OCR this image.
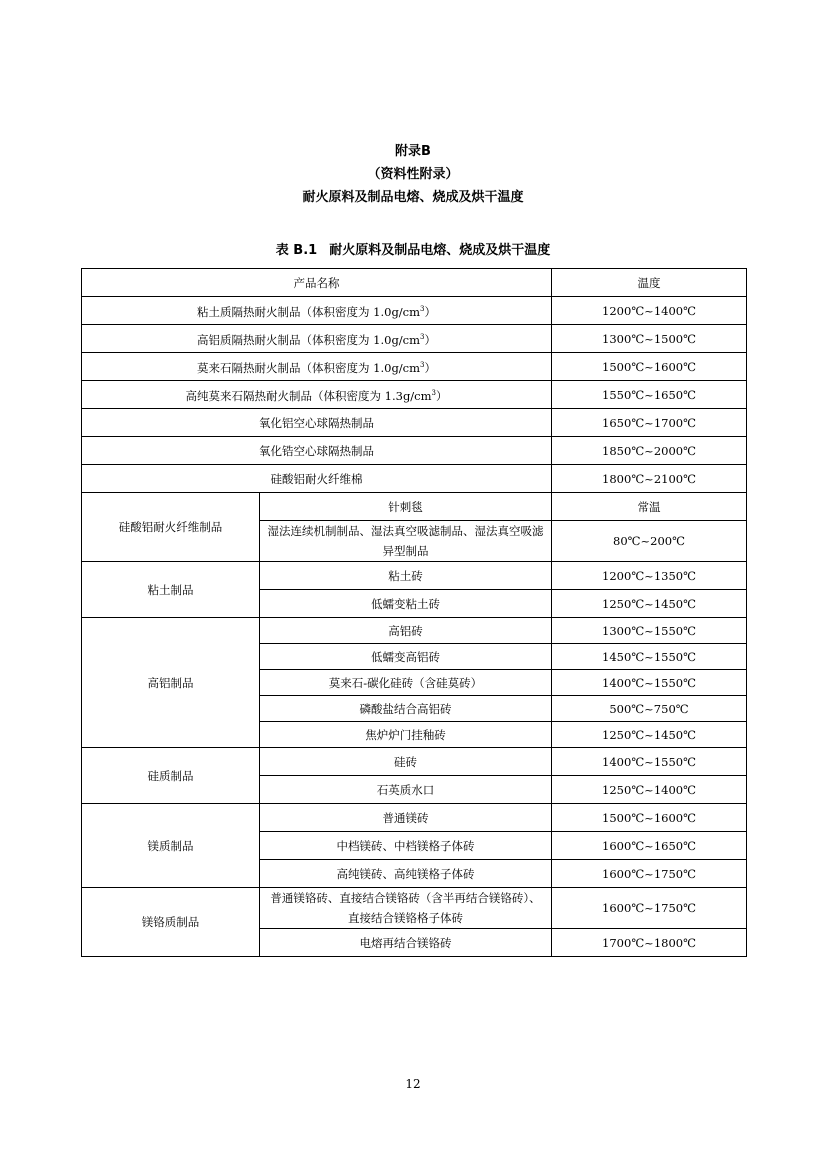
附录B
（资料性附录）
耐火原料及制品电熔、烧成及烘干温度
表 B.1 耐火原料及制品电熔、烧成及烘干温度
产品名称		温度
粘土质隔热耐火制品（体积密度为 $1.0g/cm^3$）		1200℃~1400℃
高铝质隔热耐火制品（体积密度为 $1.0g/cm^3$）		1300℃~1500℃
莫来石隔热耐火制品（体积密度为 $1.0g/cm^3$）		1500℃~1600℃
高纯莫来石隔热耐火制品（体积密度为 $1.3g/cm^3$）		1550℃~1650℃
氧化铝空心球隔热制品		1650℃~1700℃
氧化锆空心球隔热制品		1850℃~2000℃
硅酸铝耐火纤维棉		1800℃~2100℃
硅酸铝耐火纤维制品	针刺毯	常温
	湿法连续机制制品、湿法真空吸滤制品、湿法真空吸滤异型制品	80℃~200℃
粘土制品	粘土砖	1200℃~1350℃
	低蠕变粘土砖	1250℃~1450℃
高铝制品	高铝砖	1300℃~1550℃
	低蠕变高铝砖	1450℃~1550℃
	莫来石-碳化硅砖（含硅莫砖）	1400℃~1550℃
	磷酸盐结合高铝砖	500℃~750℃
	焦炉炉门挂釉砖	1250℃~1450℃
硅质制品	硅砖	1400℃~1550℃
	石英质水口	1250℃~1400℃
镁质制品	普通镁砖	1500℃~1600℃
	中档镁砖、中档镁格子体砖	1600℃~1650℃
	高纯镁砖、高纯镁格子体砖	1600℃~1750℃
镁铬质制品	普通镁铬砖、直接结合镁铬砖（含半再结合镁铬砖）、直接结合镁铬格子体砖	1600℃~1750℃
	电熔再结合镁铬砖	1700℃~1800℃
12
